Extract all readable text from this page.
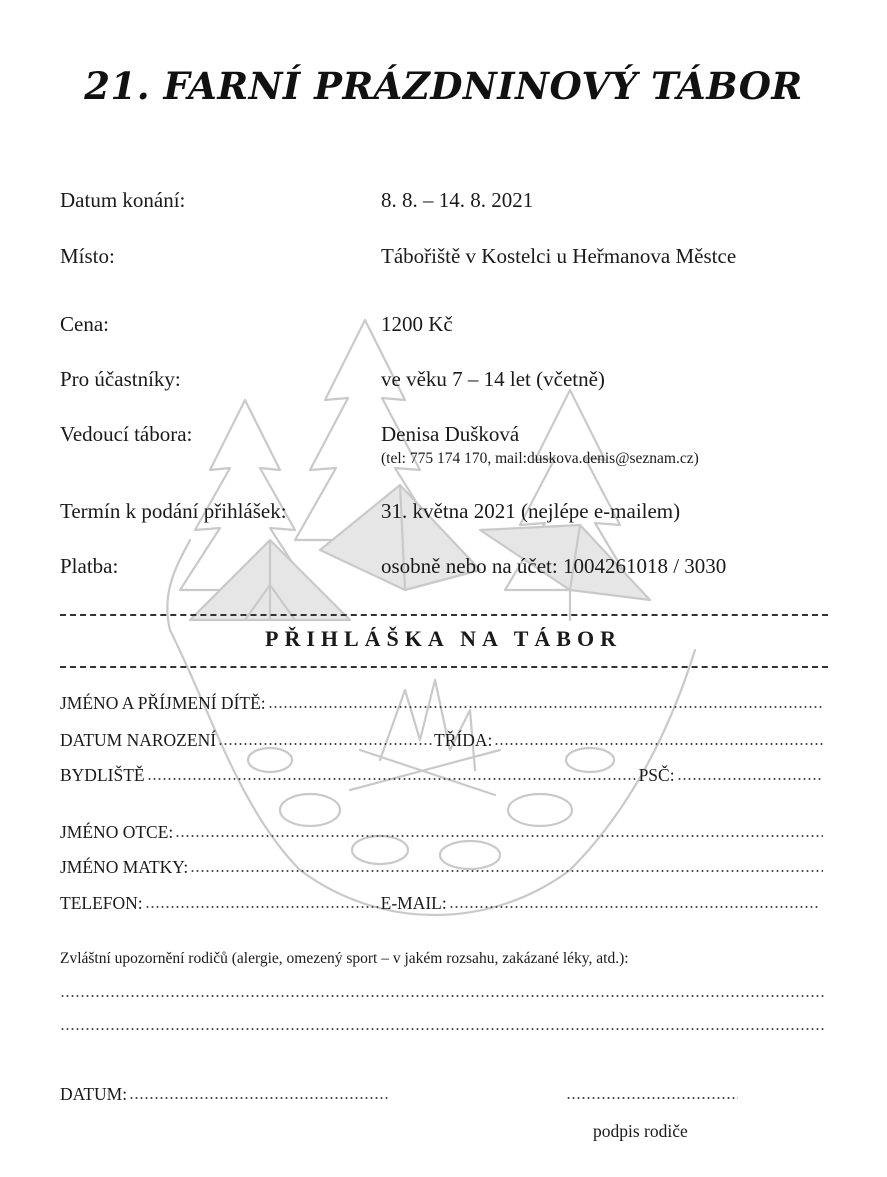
21. FARNÍ PRÁZDNINOVÝ TÁBOR
Datum konání:	8. 8. – 14. 8. 2021
Místo:	Tábořiště v Kostelci u Heřmanova Městce
Cena:	1200 Kč
Pro účastníky:	ve věku 7 – 14 let (včetně)
Vedoucí tábora:	Denisa Dušková
(tel: 775 174 170, mail:duskova.denis@seznam.cz)
Termín k podání přihlášek:	31. května 2021 (nejlépe e-mailem)
Platba:	osobně nebo na účet: 1004261018 / 3030
PŘIHLÁŠKA NA TÁBOR
JMÉNO A PŘÍJMENÍ DÍTĚ:
DATUM NAROZENÍ	TŘÍDA:
BYDLIŠTĚ	PSČ:
JMÉNO OTCE:
JMÉNO MATKY:
TELEFON:	E-MAIL:
Zvláštní upozornění rodičů (alergie, omezený sport – v jakém rozsahu, zakázané léky, atd.):
DATUM:
podpis rodiče
